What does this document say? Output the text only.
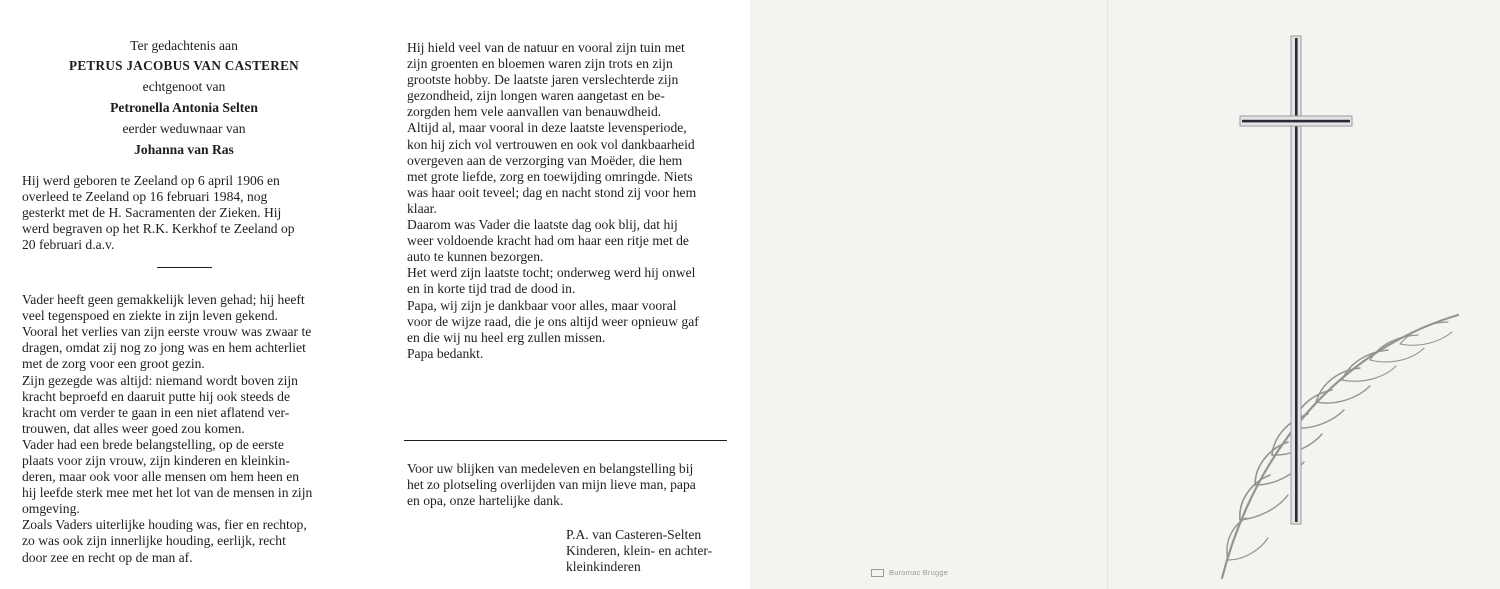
Ter gedachtenis aan

PETRUS JACOBUS VAN CASTEREN

echtgenoot van

Petronella Antonia Selten

eerder weduwnaar van

Johanna van Ras

Hij werd geboren te Zeeland op 6 april 1906 en

overleed te Zeeland op 16 februari 1984, nog

gesterkt met de H. Sacramenten der Zieken. Hij

werd begraven op het R.K. Kerkhof te Zeeland op

20 februari d.a.v.

Vader heeft geen gemakkelijk leven gehad; hij heeft

veel tegenspoed en ziekte in zijn leven gekend.

Vooral het verlies van zijn eerste vrouw was zwaar te

dragen, omdat zij nog zo jong was en hem achterliet

met de zorg voor een groot gezin.

Zijn gezegde was altijd: niemand wordt boven zijn

kracht beproefd en daaruit putte hij ook steeds de

kracht om verder te gaan in een niet aflatend ver-

trouwen, dat alles weer goed zou komen.

Vader had een brede belangstelling, op de eerste

plaats voor zijn vrouw, zijn kinderen en kleinkin-

deren, maar ook voor alle mensen om hem heen en

hij leefde sterk mee met het lot van de mensen in zijn

omgeving.

Zoals Vaders uiterlijke houding was, fier en rechtop,

zo was ook zijn innerlijke houding, eerlijk, recht

door zee en recht op de man af.

Hij hield veel van de natuur en vooral zijn tuin met

zijn groenten en bloemen waren zijn trots en zijn

grootste hobby. De laatste jaren verslechterde zijn

gezondheid, zijn longen waren aangetast en be-

zorgden hem vele aanvallen van benauwdheid.

Altijd al, maar vooral in deze laatste levensperiode,

kon hij zich vol vertrouwen en ook vol dankbaarheid

overgeven aan de verzorging van Moëder, die hem

met grote liefde, zorg en toewijding omringde. Niets

was haar ooit teveel; dag en nacht stond zij voor hem

klaar.

Daarom was Vader die laatste dag ook blij, dat hij

weer voldoende kracht had om haar een ritje met de

auto te kunnen bezorgen.

Het werd zijn laatste tocht; onderweg werd hij onwel

en in korte tijd trad de dood in.

Papa, wij zijn je dankbaar voor alles, maar vooral

voor de wijze raad, die je ons altijd weer opnieuw gaf

en die wij nu heel erg zullen missen.

Papa bedankt.

Voor uw blijken van medeleven en belangstelling bij

het zo plotseling overlijden van mijn lieve man, papa

en opa, onze hartelijke dank.

P.A. van Casteren-Selten

Kinderen, klein- en achter-

kleinkinderen	Buromac Brugge
